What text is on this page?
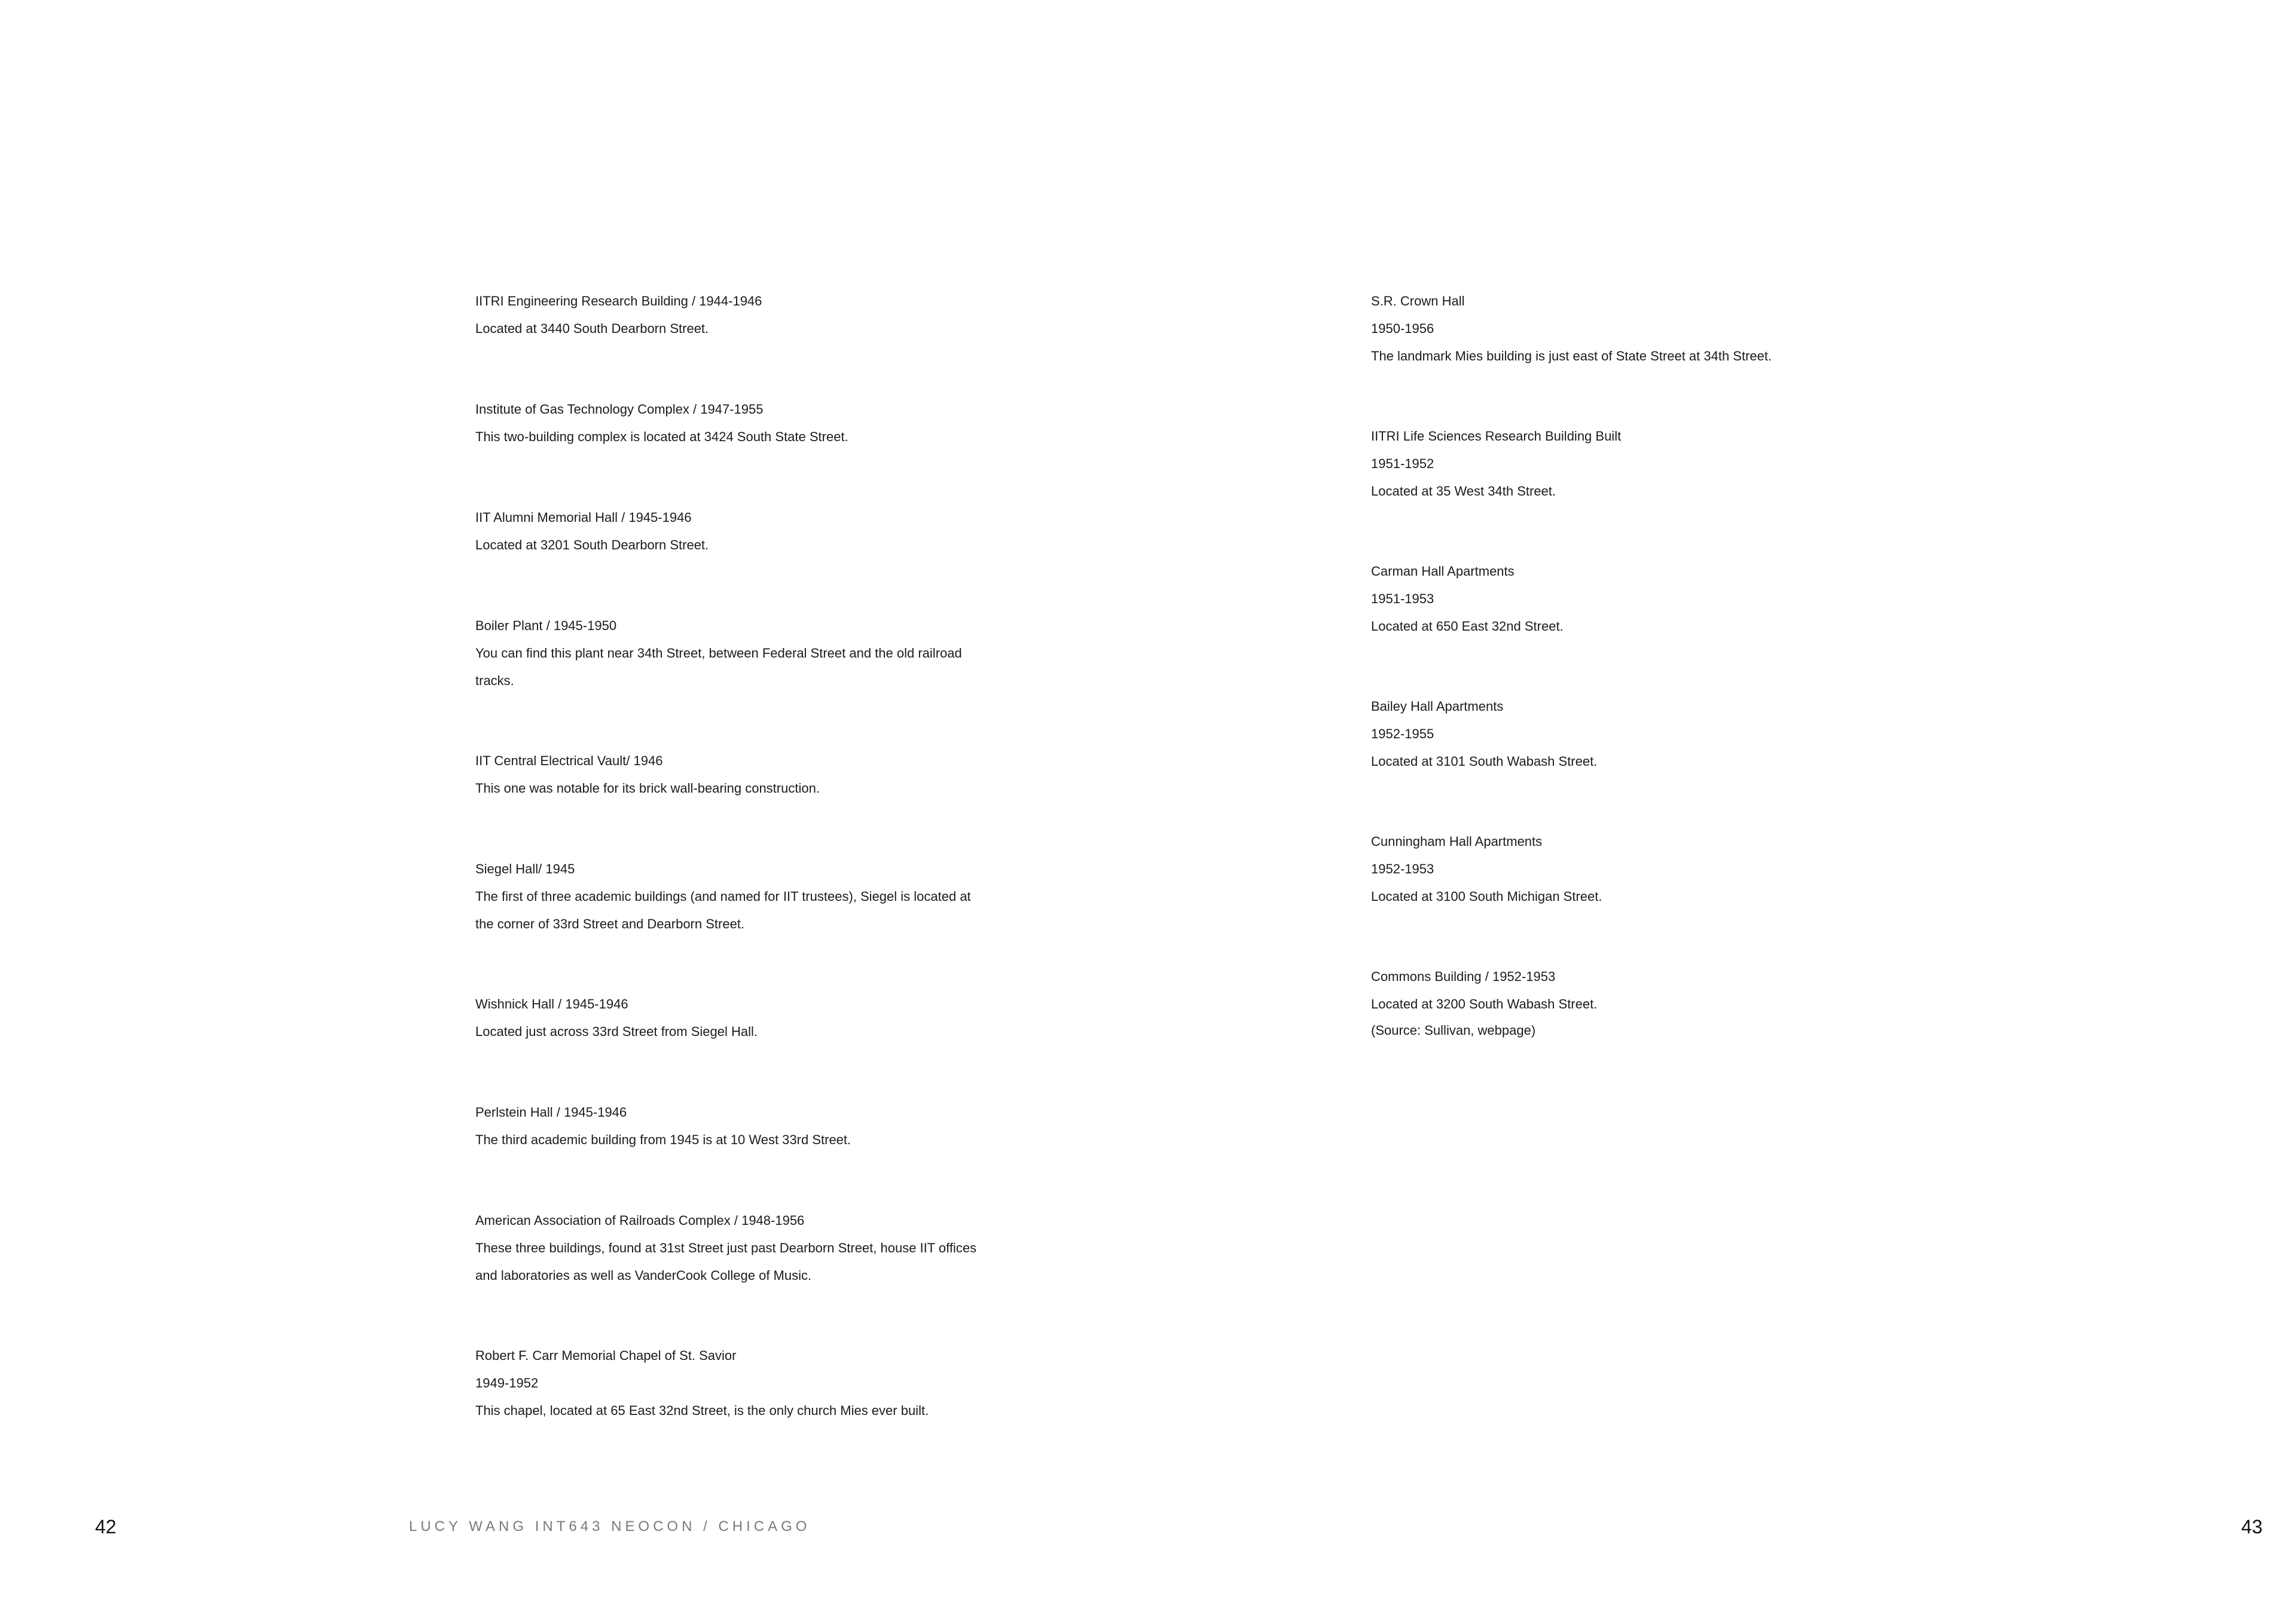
IITRI Engineering Research Building / 1944-1946
Located at 3440 South Dearborn Street.
Institute of Gas Technology Complex / 1947-1955
This two-building complex is located at 3424 South State Street.
IIT Alumni Memorial Hall / 1945-1946
Located at 3201 South Dearborn Street.
Boiler Plant / 1945-1950
You can find this plant near 34th Street, between Federal Street and the old railroad
tracks.
IIT Central Electrical Vault/ 1946
This one was notable for its brick wall-bearing construction.
Siegel Hall/ 1945
The first of three academic buildings (and named for IIT trustees), Siegel is located at
the corner of 33rd Street and Dearborn Street.
Wishnick Hall / 1945-1946
Located just across 33rd Street from Siegel Hall.
Perlstein Hall / 1945-1946
The third academic building from 1945 is at 10 West 33rd Street.
American Association of Railroads Complex / 1948-1956
These three buildings, found at 31st Street just past Dearborn Street, house IIT offices
and laboratories as well as VanderCook College of Music.
Robert F. Carr Memorial Chapel of St. Savior
1949-1952
This chapel, located at 65 East 32nd Street, is the only church Mies ever built.
42	LUCY WANG INT643 NEOCON / CHICAGO
S.R. Crown Hall
1950-1956
The landmark Mies building is just east of State Street at 34th Street.
IITRI Life Sciences Research Building Built
1951-1952
Located at 35 West 34th Street.
Carman Hall Apartments
1951-1953
Located at 650 East 32nd Street.
Bailey Hall Apartments
1952-1955
Located at 3101 South Wabash Street.
Cunningham Hall Apartments
1952-1953
Located at 3100 South Michigan Street.
Commons Building / 1952-1953
Located at 3200 South Wabash Street.
(Source: Sullivan, webpage)
43
